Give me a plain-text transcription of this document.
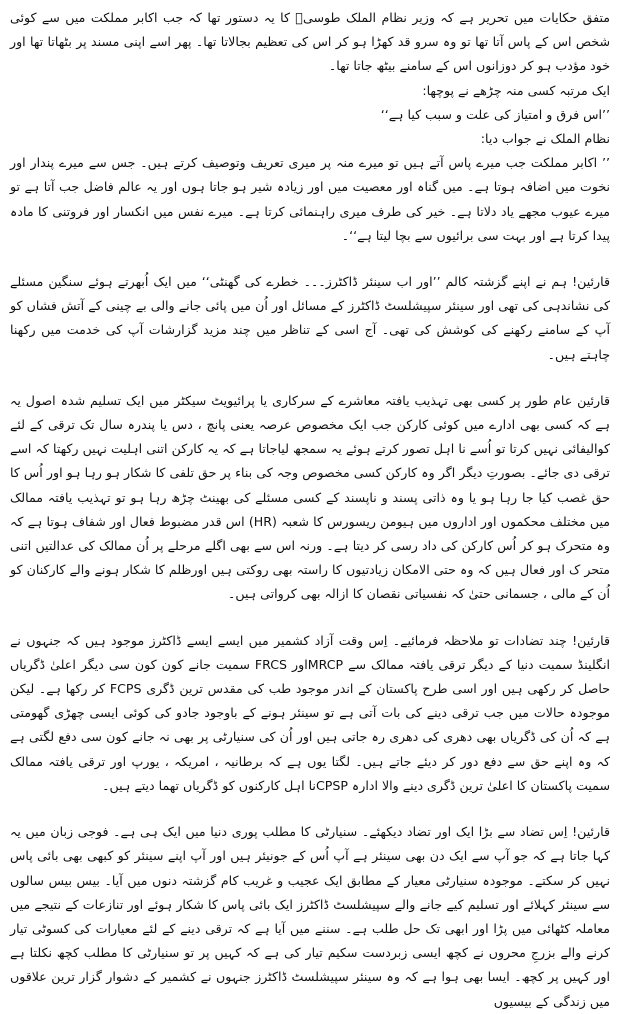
متفق حکایات میں تحریر ہے کہ وزیر نظام الملک طوسیؒ کا یہ دستور تھا کہ جب اکابر مملکت میں سے کوئی شخص اس کے پاس آتا تھا تو وہ سرو قد کھڑا ہو کر اس کی تعظیم بجالاتا تھا۔ پھر اسے اپنی مسند پر بٹھاتا تھا اور خود مؤدب ہو کر دوزانوں اس کے سامنے بیٹھ جاتا تھا۔

ایک مرتبہ کسی منہ چڑھے نے پوچھا:

’’اس فرق و امتیاز کی علت و سبب کیا ہے‘‘

نظام الملک نے جواب دیا:

’’ اکابر مملکت جب میرے پاس آتے ہیں تو میرے منہ پر میری تعریف وتوصیف کرتے ہیں۔ جس سے میرے پندار اور نخوت میں اضافہ ہوتا ہے۔ میں گناہ اور معصیت میں اور زیادہ شیر ہو جاتا ہوں اور یہ عالم فاضل جب آتا ہے تو میرے عیوب مجھے یاد دلاتا ہے۔ خیر کی طرف میری راہنمائی کرتا ہے۔ میرے نفس میں انکسار اور فروتنی کا مادہ پیدا کرتا ہے اور بہت سی برائیوں سے بچا لیتا ہے‘‘۔

قارئین! ہم نے اپنے گزشتہ کالم ’’اور اب سینئر ڈاکٹرز۔۔۔ خطرے کی گھنٹی‘‘ میں ایک اُبھرتے ہوئے سنگین مسئلے کی نشاندہی کی تھی اور سینئر سپیشلسٹ ڈاکٹرز کے مسائل اور اُن میں پائی جانے والی بے چینی کے آتش فشاں کو آپ کے سامنے رکھنے کی کوشش کی تھی۔ آج اسی کے تناظر میں چند مزید گزارشات آپ کی خدمت میں رکھنا چاہتے ہیں۔

قارئین عام طور پر کسی بھی تہذیب یافتہ معاشرے کے سرکاری یا پرائیویٹ سیکٹر میں ایک تسلیم شدہ اصول یہ ہے کہ کسی بھی ادارے میں کوئی کارکن جب ایک مخصوص عرصہ یعنی پانچ ، دس یا پندرہ سال تک ترقی کے لئے کوالیفائی نہیں کرتا تو اُسے نا اہل تصور کرتے ہوئے یہ سمجھ لیاجاتا ہے کہ یہ کارکن اتنی اہلیت نہیں رکھتا کہ اسے ترقی دی جائے۔ بصورتِ دیگر اگر وہ کارکن کسی مخصوص وجہ کی بناء پر حق تلفی کا شکار ہو رہا ہو اور اُس کا حق غصب کیا جا رہا ہو یا وہ ذاتی پسند و ناپسند کے کسی مسئلے کی بھینٹ چڑھ رہا ہو تو تہذیب یافتہ ممالک میں مختلف محکموں اور اداروں میں ہیومن ریسورس کا شعبہ (HR) اس قدر مضبوط فعال اور شفاف ہوتا ہے کہ وہ متحرک ہو کر اُس کارکن کی داد رسی کر دیتا ہے۔ ورنہ اس سے بھی اگلے مرحلے پر اُن ممالک کی عدالتیں اتنی متحر ک اور فعال ہیں کہ وہ حتی الامکان زیادتیوں کا راستہ بھی روکتی ہیں اورظلم کا شکار ہونے والے کارکنان کو اُن کے مالی ، جسمانی حتیٰ کہ نفسیاتی نقصان کا ازالہ بھی کرواتی ہیں۔

قارئین! چند تضادات تو ملاحظہ فرمائیے۔ اِس وقت آزاد کشمیر میں ایسے ایسے ڈاکٹرز موجود ہیں کہ جنہوں نے انگلینڈ سمیت دنیا کے دیگر ترقی یافتہ ممالک سے MRCPاور FRCS سمیت جانے کون کون سی دیگر اعلیٰ ڈگریاں حاصل کر رکھی ہیں اور اسی طرح پاکستان کے اندر موجود طب کی مقدس ترین ڈگری FCPS کر رکھا ہے۔ لیکن موجودہ حالات میں جب ترقی دینے کی بات آتی ہے تو سینئر ہونے کے باوجود جادو کی کوئی ایسی چھڑی گھومتی ہے کہ اُن کی ڈگریاں بھی دھری کی دھری رہ جاتی ہیں اور اُن کی سنیارٹی پر بھی نہ جانے کون سی دفع لگتی ہے کہ وہ اپنے حق سے دفع دور کر دیئے جاتے ہیں۔ لگتا یوں ہے کہ برطانیہ ، امریکہ ، یورپ اور ترقی یافتہ ممالک سمیت پاکستان کا اعلیٰ ترین ڈگری دینے والا ادارہ CPSPنا اہل کارکنوں کو ڈگریاں تھما دیتے ہیں۔

قارئین! اِس تضاد سے بڑا ایک اور تضاد دیکھئے۔ سنیارٹی کا مطلب پوری دنیا میں ایک ہی ہے۔ فوجی زبان میں یہ کہا جاتا ہے کہ جو آپ سے ایک دن بھی سینئر ہے آپ اُس کے جونیئر ہیں اور آپ اپنے سینئر کو کبھی بھی بائی پاس نہیں کر سکتے۔ موجودہ سنیارٹی معیار کے مطابق ایک عجیب و غریب کام گزشتہ دنوں میں آیا۔ بیس بیس سالوں سے سینئر کہلائے اور تسلیم کیے جانے والے سپیشلسٹ ڈاکٹرز ایک بائی پاس کا شکار ہوئے اور تنازعات کے نتیجے میں معاملہ کٹھائی میں پڑا اور ابھی تک حل طلب ہے۔ سننے میں آیا ہے کہ ترقی دینے کے لئے معیارات کی کسوٹی تیار کرنے والے بزرجِ محروں نے کچھ ایسی زبردست سکیم تیار کی ہے کہ کہیں پر تو سنیارٹی کا مطلب کچھ نکلتا ہے اور کہیں پر کچھ۔ ایسا بھی ہوا ہے کہ وہ سینئر سپیشلسٹ ڈاکٹرز جنہوں نے کشمیر کے دشوار گزار ترین علاقوں میں زندگی کے بیسیوں
